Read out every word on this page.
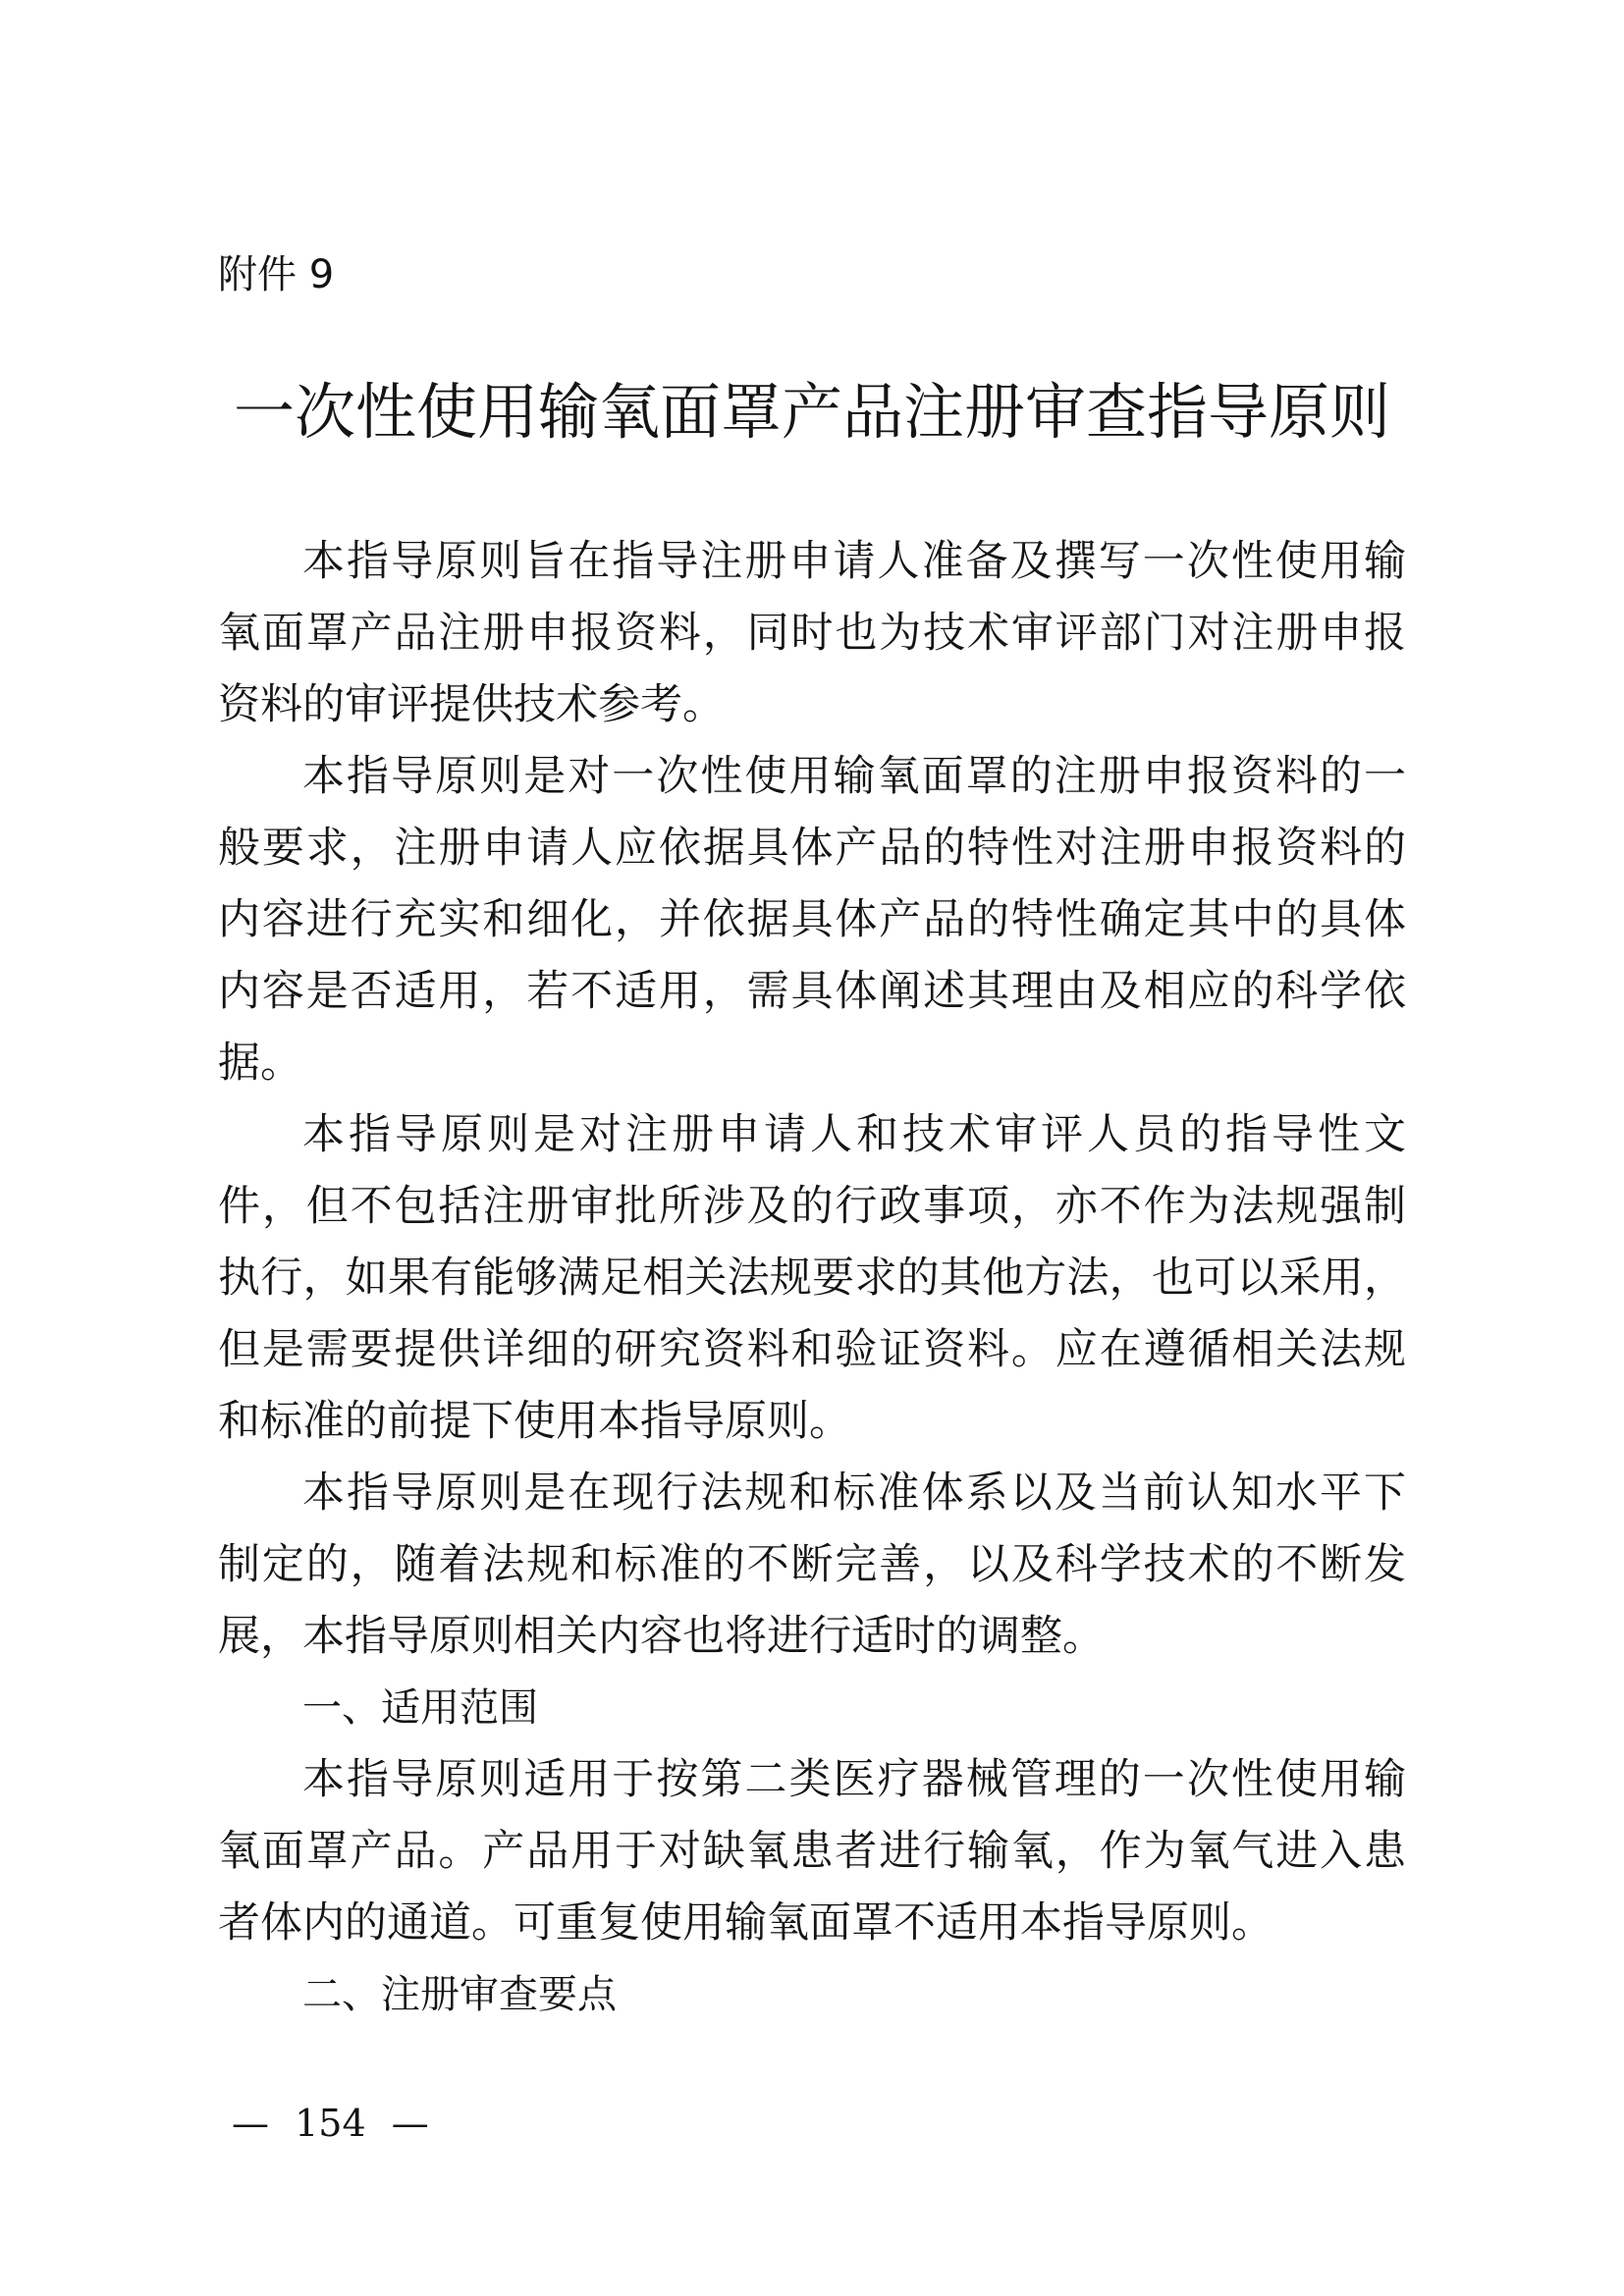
附件 9
一次性使用输氧面罩产品注册审查指导原则
本指导原则旨在指导注册申请人准备及撰写一次性使用输
氧面罩产品注册申报资料，同时也为技术审评部门对注册申报
资料的审评提供技术参考。
本指导原则是对一次性使用输氧面罩的注册申报资料的一
般要求，注册申请人应依据具体产品的特性对注册申报资料的
内容进行充实和细化，并依据具体产品的特性确定其中的具体
内容是否适用，若不适用，需具体阐述其理由及相应的科学依
据。
本指导原则是对注册申请人和技术审评人员的指导性文
件，但不包括注册审批所涉及的行政事项，亦不作为法规强制
执行，如果有能够满足相关法规要求的其他方法，也可以采用，
但是需要提供详细的研究资料和验证资料。应在遵循相关法规
和标准的前提下使用本指导原则。
本指导原则是在现行法规和标准体系以及当前认知水平下
制定的，随着法规和标准的不断完善，以及科学技术的不断发
展，本指导原则相关内容也将进行适时的调整。
一、适用范围
本指导原则适用于按第二类医疗器械管理的一次性使用输
氧面罩产品。产品用于对缺氧患者进行输氧，作为氧气进入患
者体内的通道。可重复使用输氧面罩不适用本指导原则。
二、注册审查要点
— 154 —
